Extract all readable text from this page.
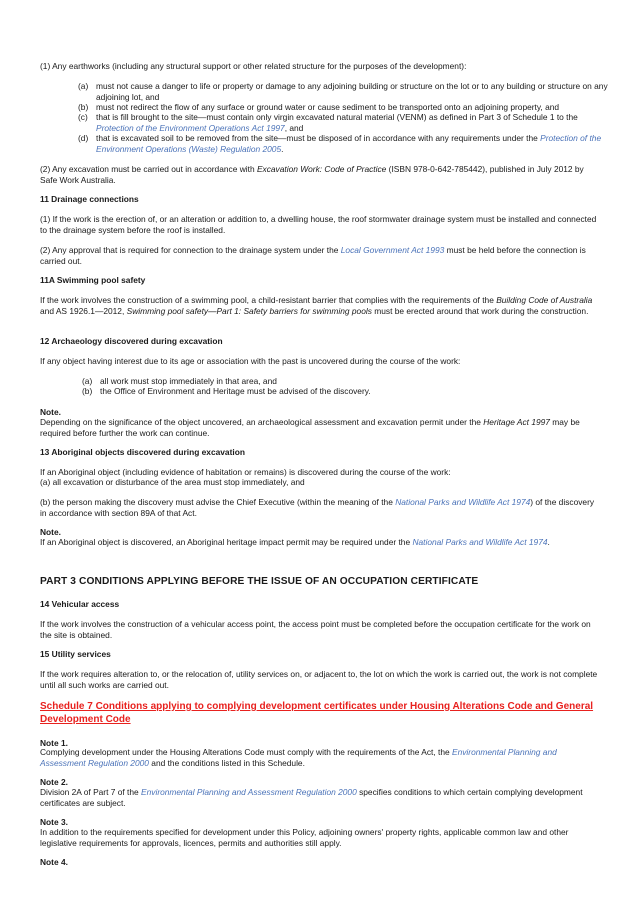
(1) Any earthworks (including any structural support or other related structure for the purposes of the development):
(a) must not cause a danger to life or property or damage to any adjoining building or structure on the lot or to any building or structure on any adjoining lot, and
(b) must not redirect the flow of any surface or ground water or cause sediment to be transported onto an adjoining property, and
(c) that is fill brought to the site—must contain only virgin excavated natural material (VENM) as defined in Part 3 of Schedule 1 to the Protection of the Environment Operations Act 1997, and
(d) that is excavated soil to be removed from the site—must be disposed of in accordance with any requirements under the Protection of the Environment Operations (Waste) Regulation 2005.
(2) Any excavation must be carried out in accordance with Excavation Work: Code of Practice (ISBN 978-0-642-785442), published in July 2012 by Safe Work Australia.
11 Drainage connections
(1) If the work is the erection of, or an alteration or addition to, a dwelling house, the roof stormwater drainage system must be installed and connected to the drainage system before the roof is installed.
(2) Any approval that is required for connection to the drainage system under the Local Government Act 1993 must be held before the connection is carried out.
11A Swimming pool safety
If the work involves the construction of a swimming pool, a child-resistant barrier that complies with the requirements of the Building Code of Australia and AS 1926.1—2012, Swimming pool safety—Part 1: Safety barriers for swimming pools must be erected around that work during the construction.
12 Archaeology discovered during excavation
If any object having interest due to its age or association with the past is uncovered during the course of the work:
(a) all work must stop immediately in that area, and
(b) the Office of Environment and Heritage must be advised of the discovery.
Note.
Depending on the significance of the object uncovered, an archaeological assessment and excavation permit under the Heritage Act 1997 may be required before further the work can continue.
13 Aboriginal objects discovered during excavation
If an Aboriginal object (including evidence of habitation or remains) is discovered during the course of the work:
(a) all excavation or disturbance of the area must stop immediately, and
(b) the person making the discovery must advise the Chief Executive (within the meaning of the National Parks and Wildlife Act 1974) of the discovery in accordance with section 89A of that Act.
Note.
If an Aboriginal object is discovered, an Aboriginal heritage impact permit may be required under the National Parks and Wildlife Act 1974.
PART 3 CONDITIONS APPLYING BEFORE THE ISSUE OF AN OCCUPATION CERTIFICATE
14 Vehicular access
If the work involves the construction of a vehicular access point, the access point must be completed before the occupation certificate for the work on the site is obtained.
15 Utility services
If the work requires alteration to, or the relocation of, utility services on, or adjacent to, the lot on which the work is carried out, the work is not complete until all such works are carried out.
Schedule 7 Conditions applying to complying development certificates under Housing Alterations Code and General Development Code
Note 1.
Complying development under the Housing Alterations Code must comply with the requirements of the Act, the Environmental Planning and Assessment Regulation 2000 and the conditions listed in this Schedule.
Note 2.
Division 2A of Part 7 of the Environmental Planning and Assessment Regulation 2000 specifies conditions to which certain complying development certificates are subject.
Note 3.
In addition to the requirements specified for development under this Policy, adjoining owners' property rights, applicable common law and other legislative requirements for approvals, licences, permits and authorities still apply.
Note 4.
